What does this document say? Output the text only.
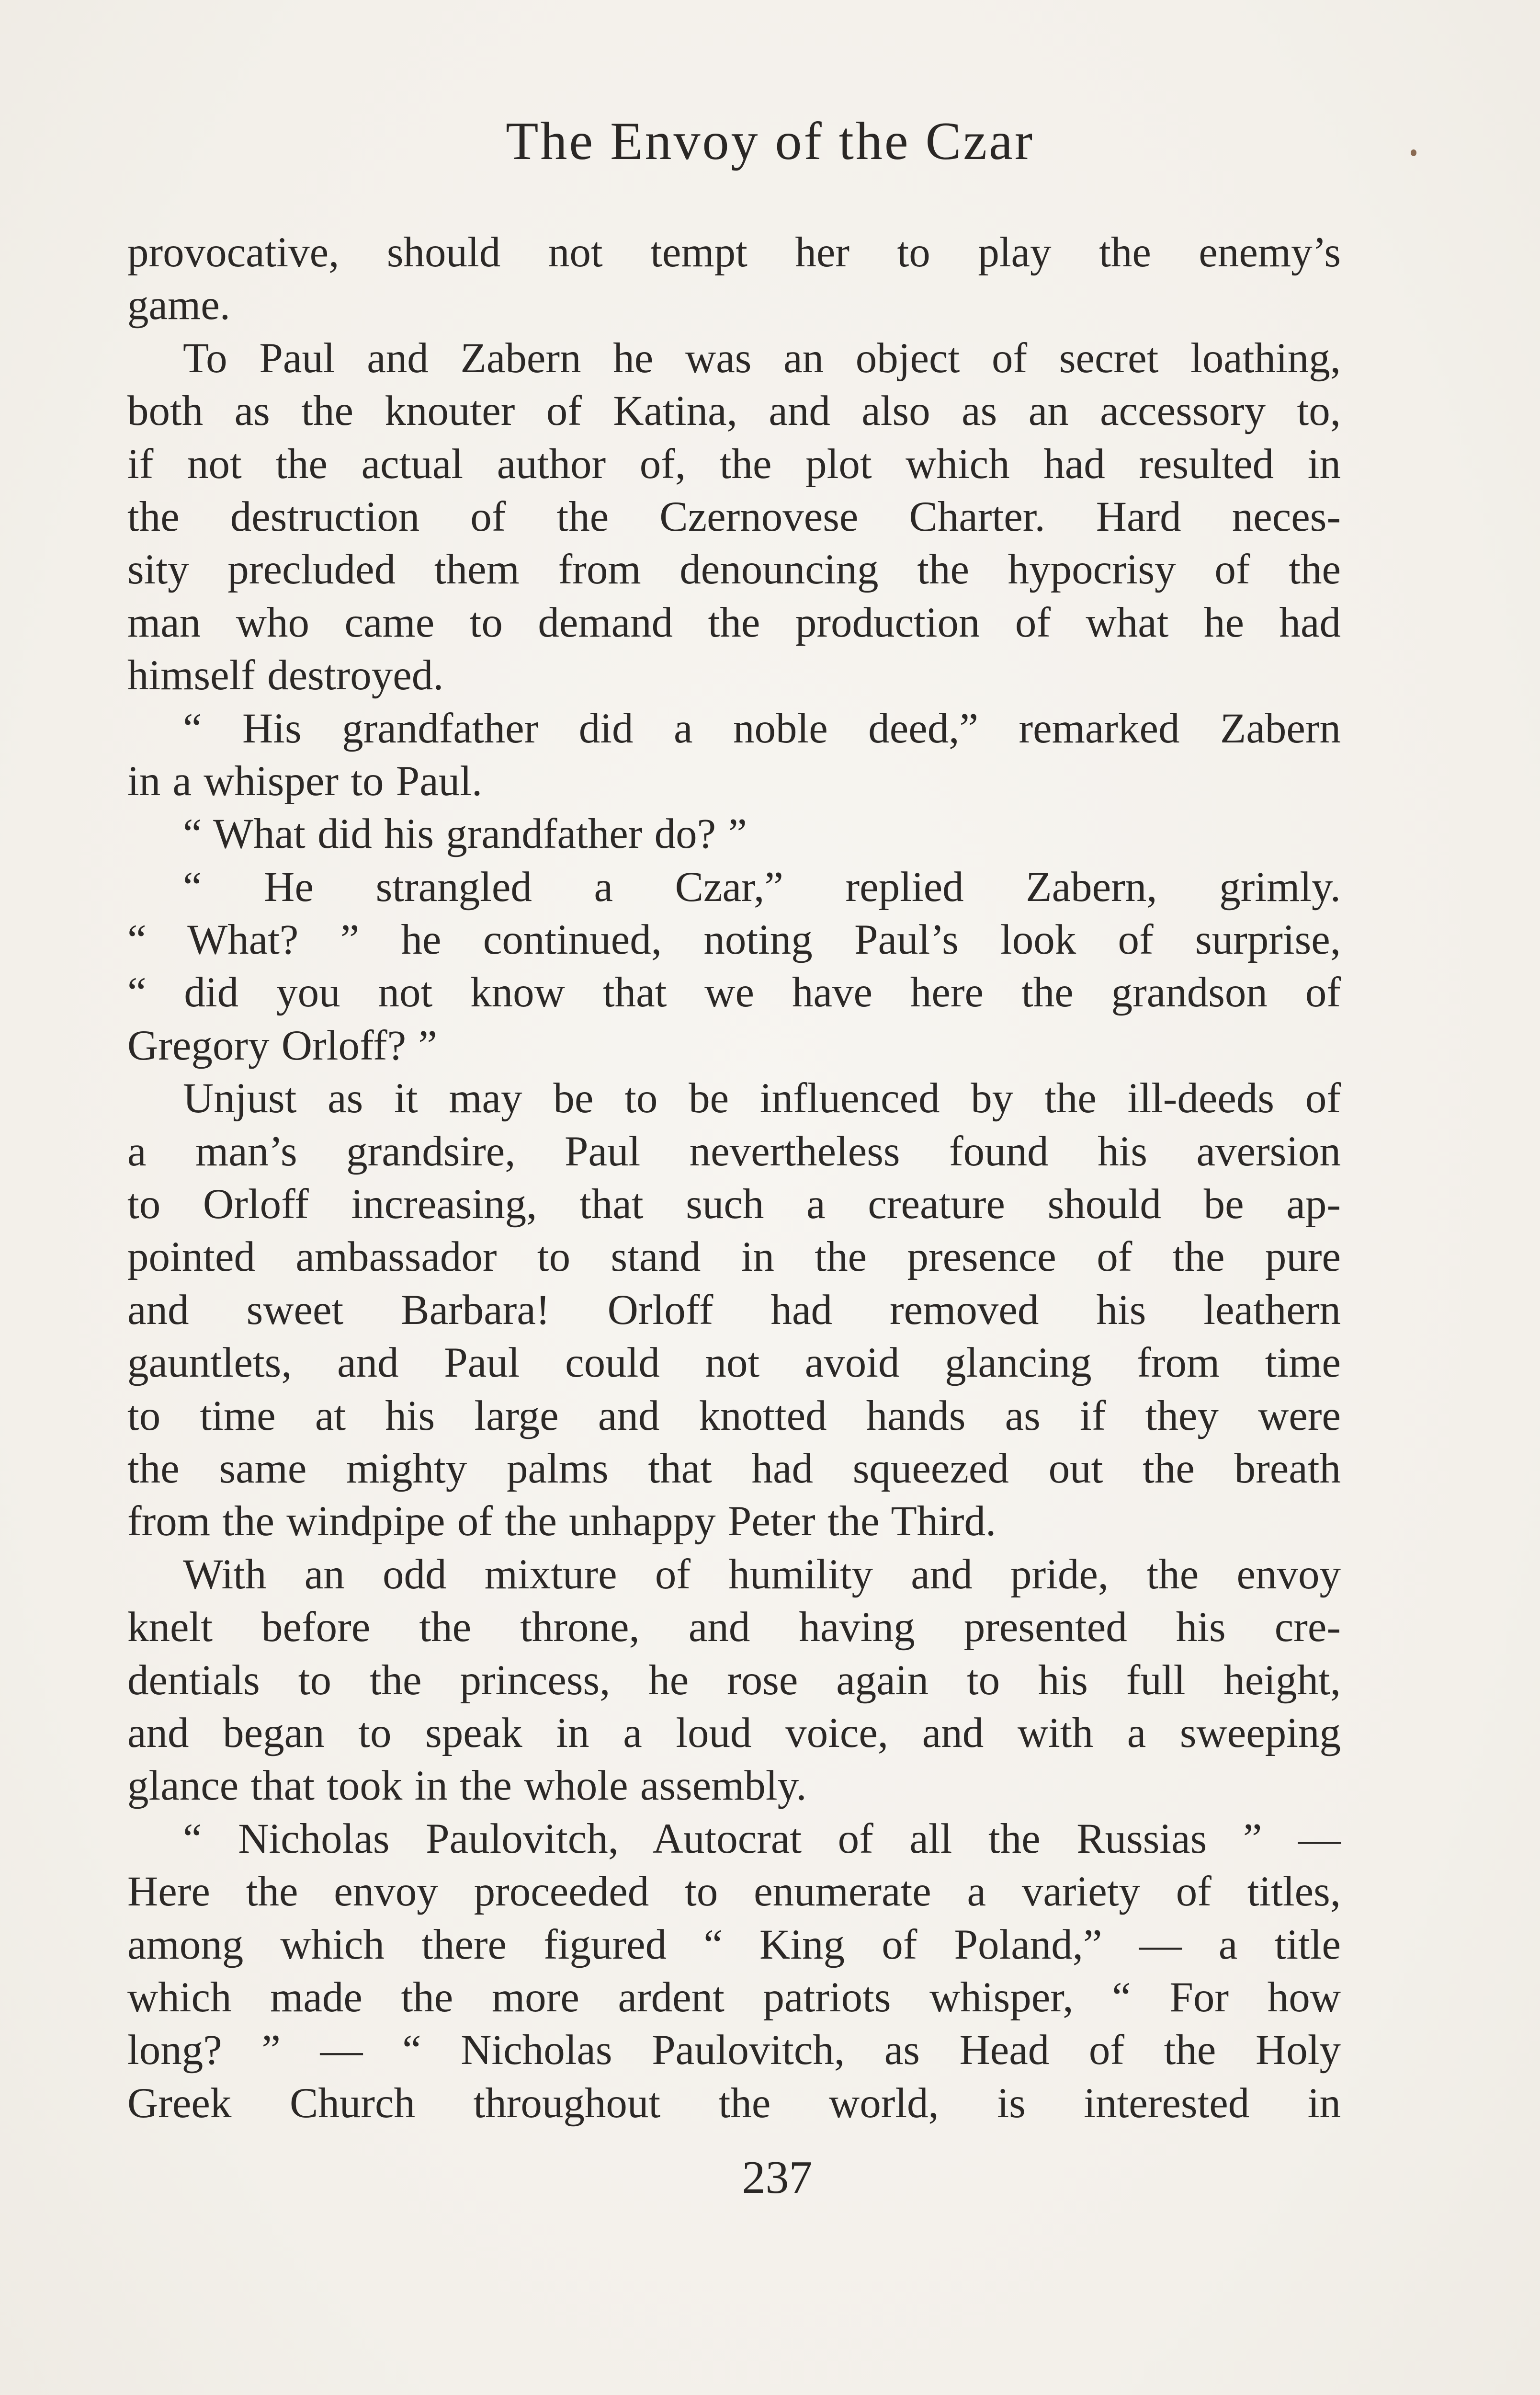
The Envoy of the Czar
provocative, should not tempt her to play the enemy’s
game.
To Paul and Zabern he was an object of secret loathing,
both as the knouter of Katina, and also as an accessory to,
if not the actual author of, the plot which had resulted in
the destruction of the Czernovese Charter. Hard neces-
sity precluded them from denouncing the hypocrisy of the
man who came to demand the production of what he had
himself destroyed.
“ His grandfather did a noble deed,” remarked Zabern
in a whisper to Paul.
“ What did his grandfather do? ”
“ He strangled a Czar,” replied Zabern, grimly.
“ What? ” he continued, noting Paul’s look of surprise,
“ did you not know that we have here the grandson of
Gregory Orloff? ”
Unjust as it may be to be influenced by the ill-deeds of
a man’s grandsire, Paul nevertheless found his aversion
to Orloff increasing, that such a creature should be ap-
pointed ambassador to stand in the presence of the pure
and sweet Barbara! Orloff had removed his leathern
gauntlets, and Paul could not avoid glancing from time
to time at his large and knotted hands as if they were
the same mighty palms that had squeezed out the breath
from the windpipe of the unhappy Peter the Third.
With an odd mixture of humility and pride, the envoy
knelt before the throne, and having presented his cre-
dentials to the princess, he rose again to his full height,
and began to speak in a loud voice, and with a sweeping
glance that took in the whole assembly.
“ Nicholas Paulovitch, Autocrat of all the Russias ” —
Here the envoy proceeded to enumerate a variety of titles,
among which there figured “ King of Poland,” — a title
which made the more ardent patriots whisper, “ For how
long? ” — “ Nicholas Paulovitch, as Head of the Holy
Greek Church throughout the world, is interested in
237
